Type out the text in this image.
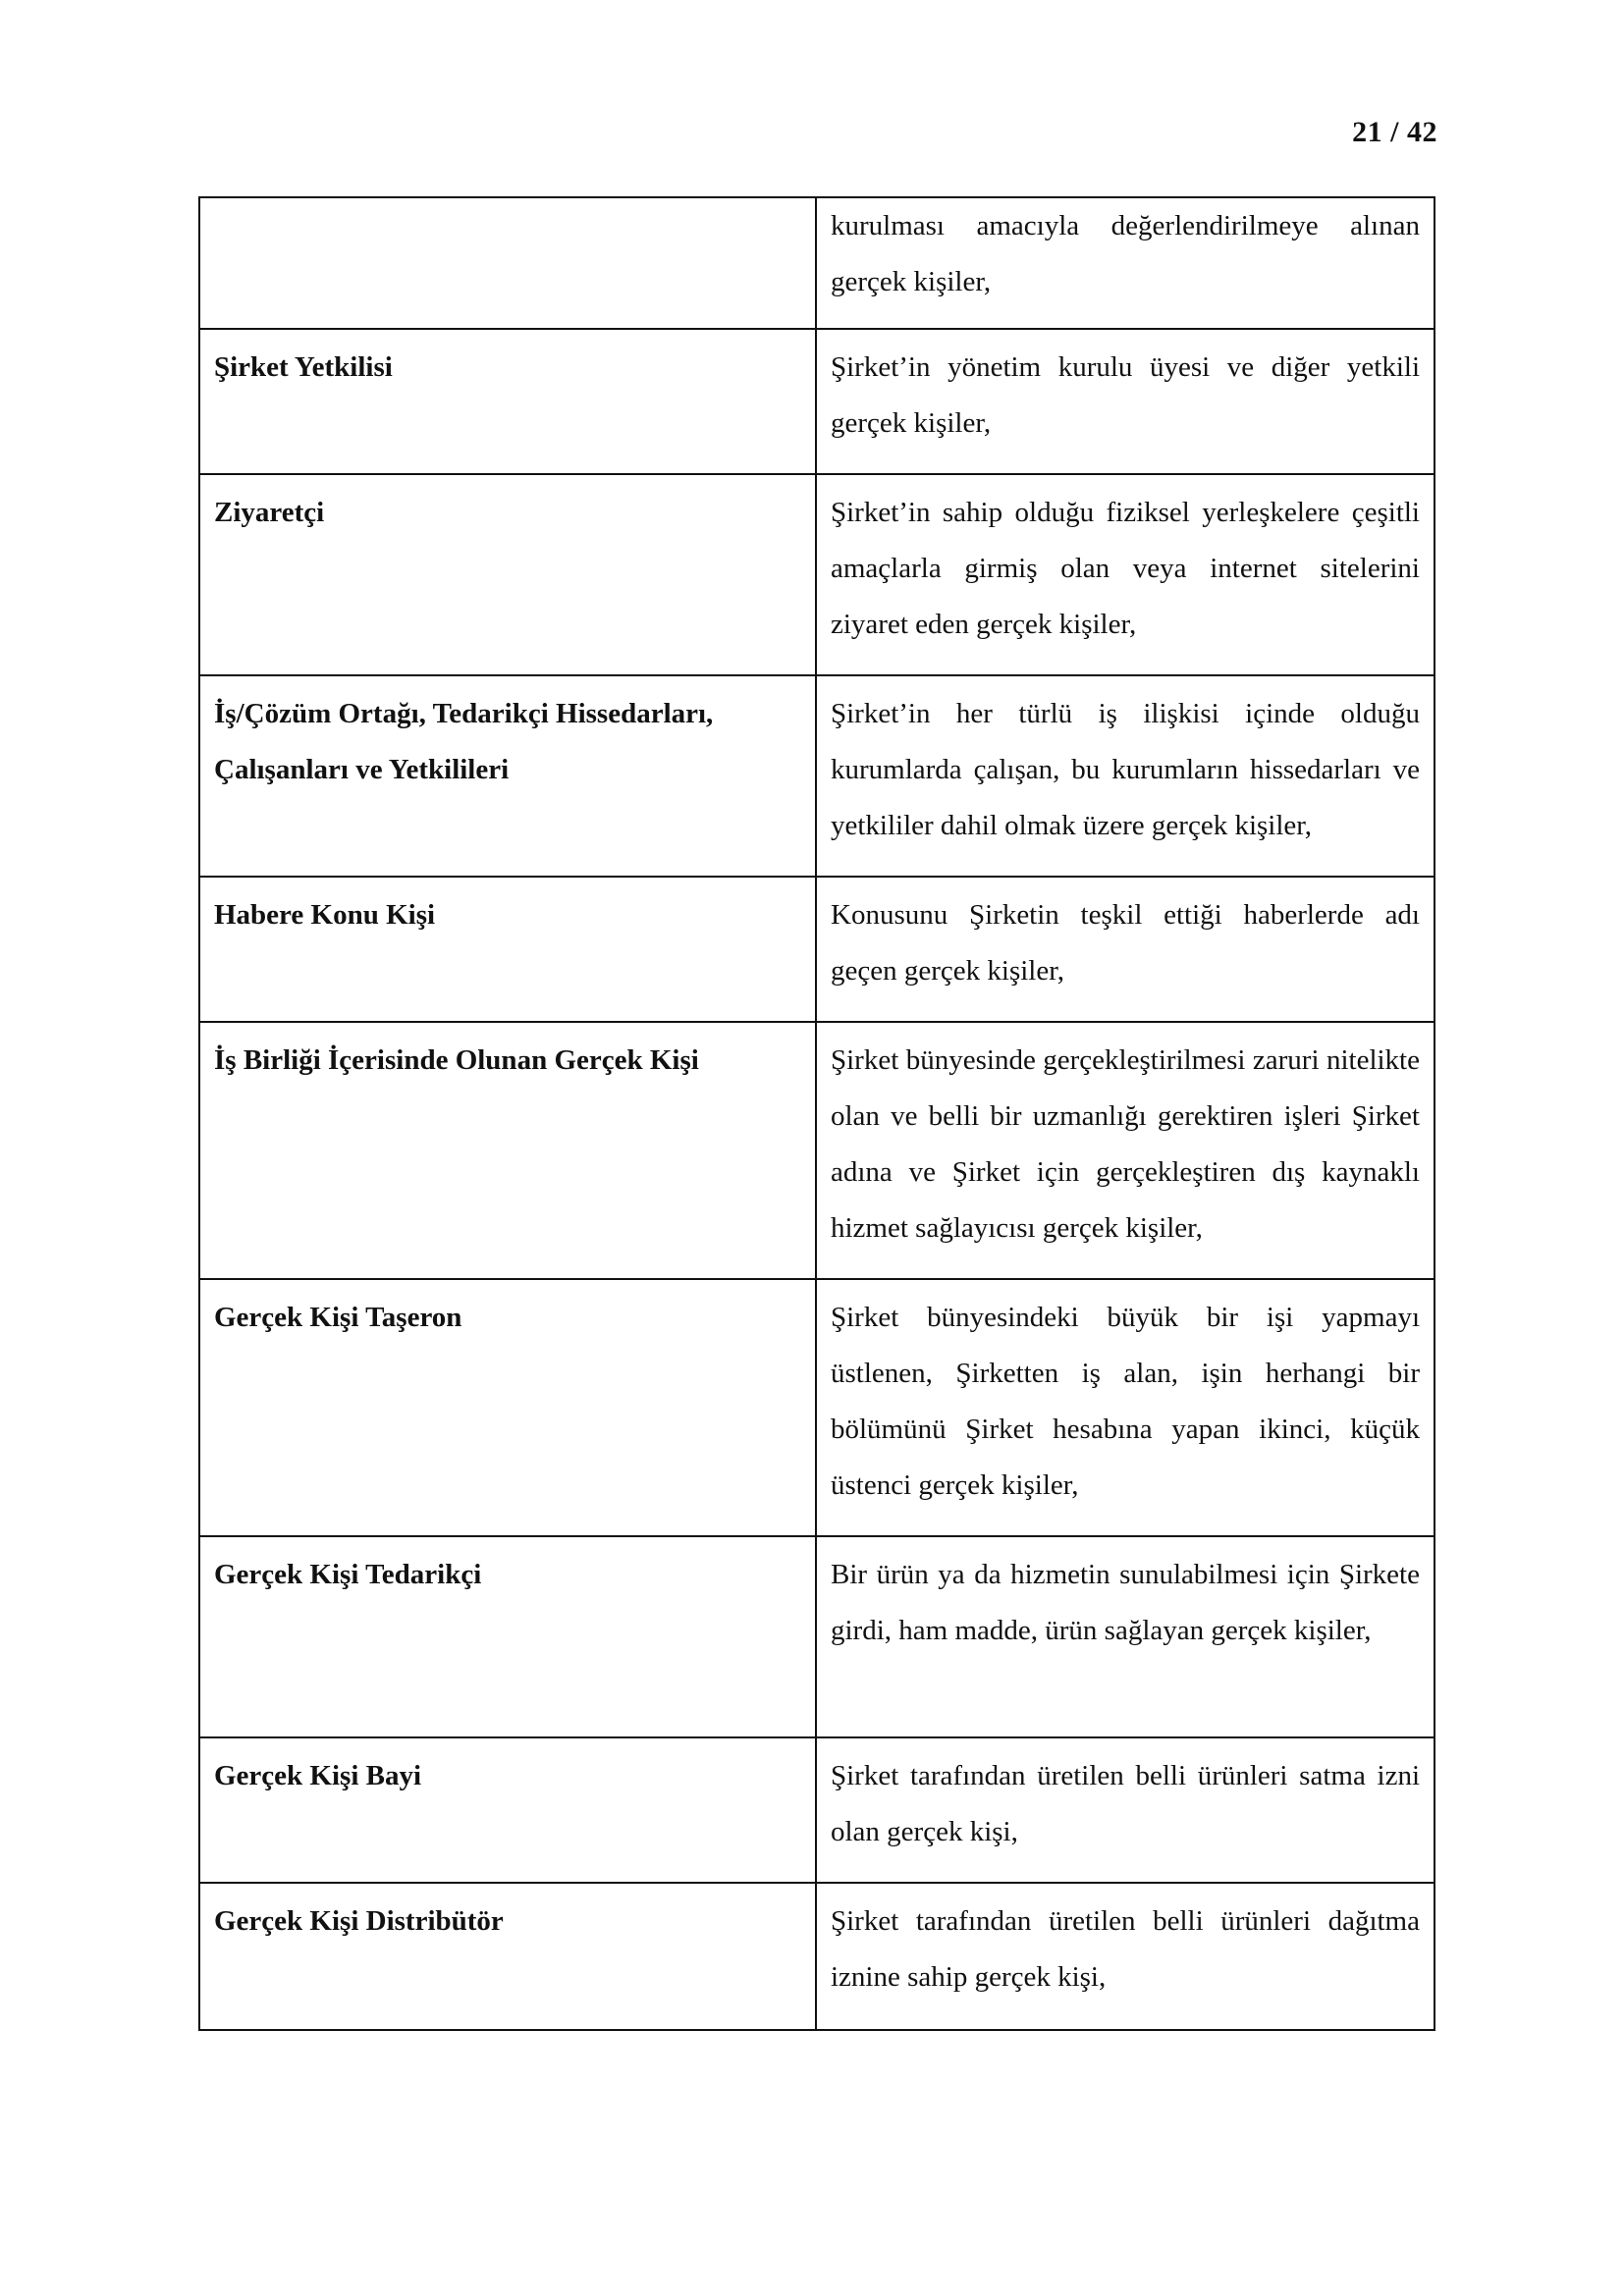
21 / 42
	kurulması amacıyla değerlendirilmeye alınan gerçek kişiler,
Şirket Yetkilisi	Şirket’in yönetim kurulu üyesi ve diğer yetkili gerçek kişiler,
Ziyaretçi	Şirket’in sahip olduğu fiziksel yerleşkelere çeşitli amaçlarla girmiş olan veya internet sitelerini ziyaret eden gerçek kişiler,
İş/Çözüm Ortağı, Tedarikçi Hissedarları, Çalışanları ve Yetkilileri	Şirket’in her türlü iş ilişkisi içinde olduğu kurumlarda çalışan, bu kurumların hissedarları ve yetkililer dahil olmak üzere gerçek kişiler,
Habere Konu Kişi	Konusunu Şirketin teşkil ettiği haberlerde adı geçen gerçek kişiler,
İş Birliği İçerisinde Olunan Gerçek Kişi	Şirket bünyesinde gerçekleştirilmesi zaruri nitelikte olan ve belli bir uzmanlığı gerektiren işleri Şirket adına ve Şirket için gerçekleştiren dış kaynaklı hizmet sağlayıcısı gerçek kişiler,
Gerçek Kişi Taşeron	Şirket bünyesindeki büyük bir işi yapmayı üstlenen, Şirketten iş alan, işin herhangi bir bölümünü Şirket hesabına yapan ikinci, küçük üstenci gerçek kişiler,
Gerçek Kişi Tedarikçi	Bir ürün ya da hizmetin sunulabilmesi için Şirkete girdi, ham madde, ürün sağlayan gerçek kişiler,
Gerçek Kişi Bayi	Şirket tarafından üretilen belli ürünleri satma izni olan gerçek kişi,
Gerçek Kişi Distribütör	Şirket tarafından üretilen belli ürünleri dağıtma iznine sahip gerçek kişi,
